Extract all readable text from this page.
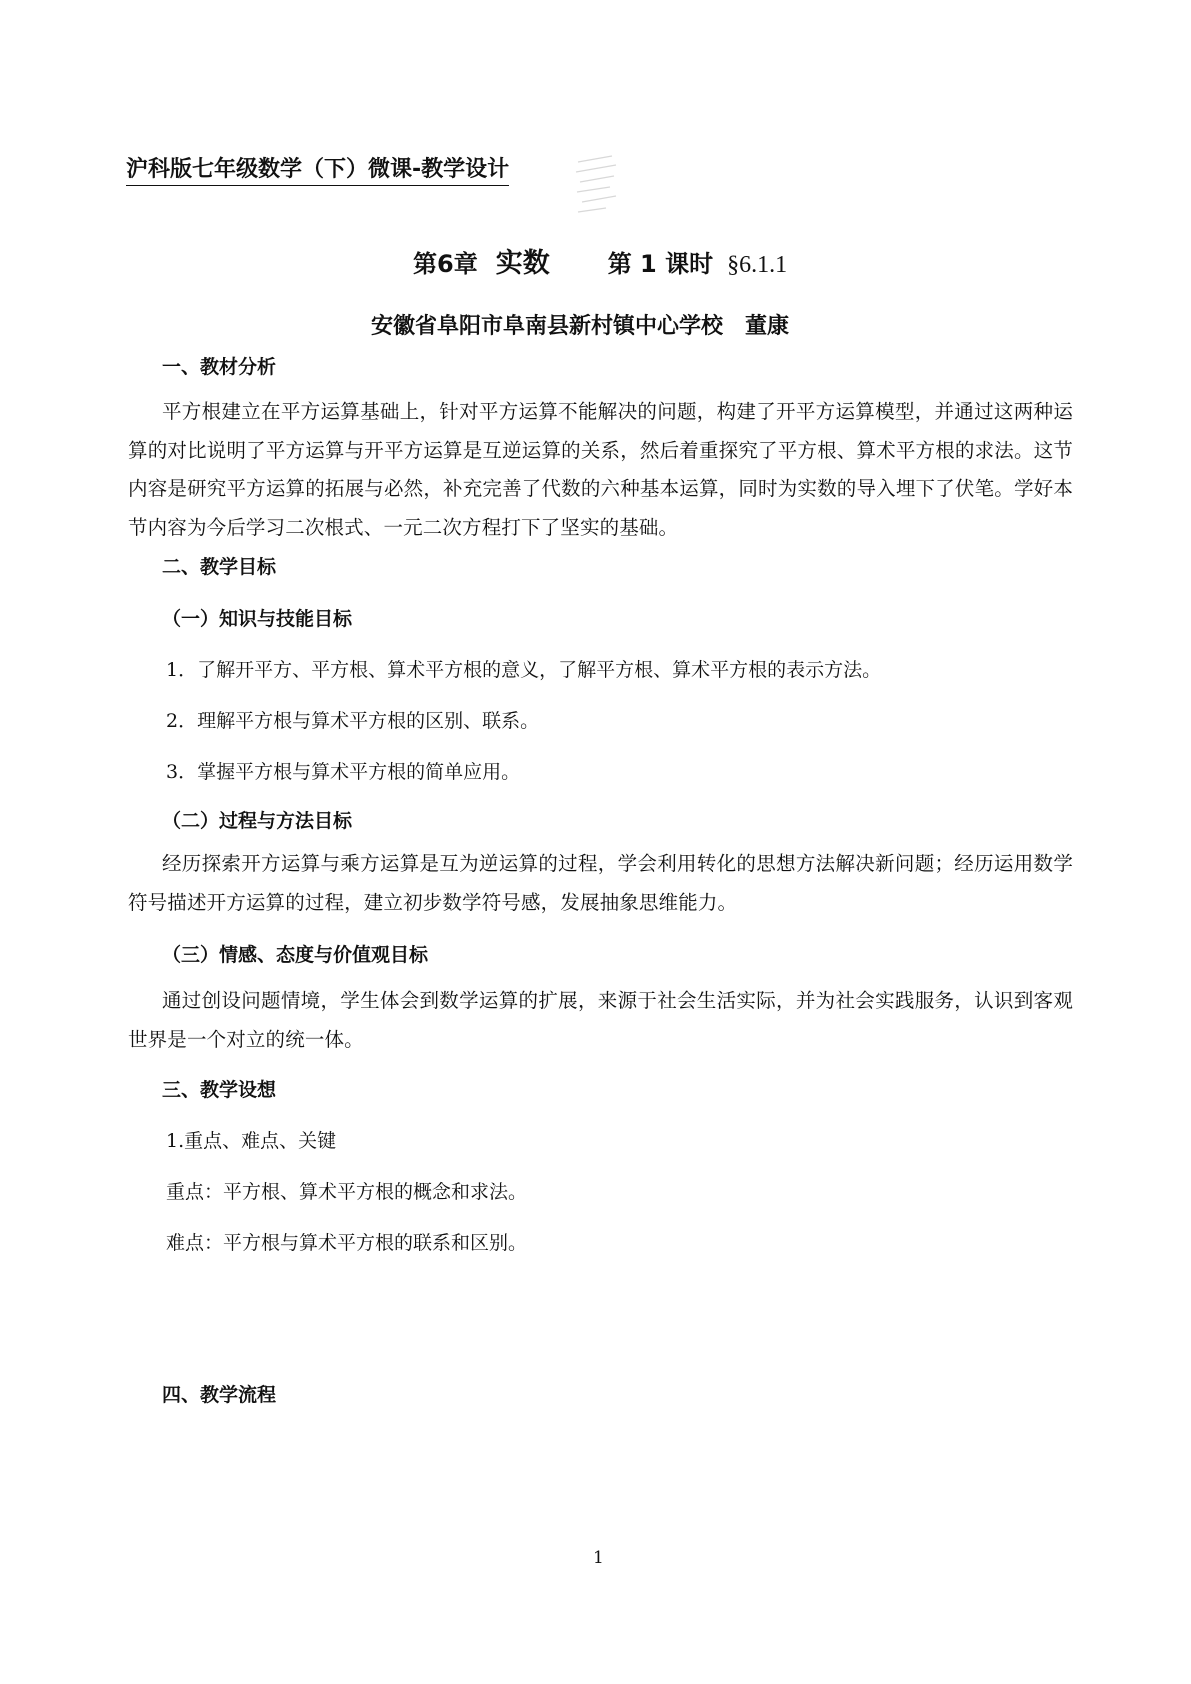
沪科版七年级数学（下）微课-教学设计
第6章 实数 第 1 课时 §6.1.1
安徽省阜阳市阜南县新村镇中心学校 董康
一、教材分析

平方根建立在平方运算基础上，针对平方运算不能解决的问题，构建了开平方运算模型，并通过这两种运算的对比说明了平方运算与开平方运算是互逆运算的关系，然后着重探究了平方根、算术平方根的求法。这节内容是研究平方运算的拓展与必然，补充完善了代数的六种基本运算，同时为实数的导入埋下了伏笔。学好本节内容为今后学习二次根式、一元二次方程打下了坚实的基础。

二、教学目标
（一）知识与技能目标
1．了解开平方、平方根、算术平方根的意义，了解平方根、算术平方根的表示方法。
2．理解平方根与算术平方根的区别、联系。
3．掌握平方根与算术平方根的简单应用。
（二）过程与方法目标

经历探索开方运算与乘方运算是互为逆运算的过程，学会利用转化的思想方法解决新问题；经历运用数学符号描述开方运算的过程，建立初步数学符号感，发展抽象思维能力。

（三）情感、态度与价值观目标

通过创设问题情境，学生体会到数学运算的扩展，来源于社会生活实际，并为社会实践服务，认识到客观世界是一个对立的统一体。

三、教学设想
1.重点、难点、关键
重点：平方根、算术平方根的概念和求法。
难点：平方根与算术平方根的联系和区别。
四、教学流程
1
